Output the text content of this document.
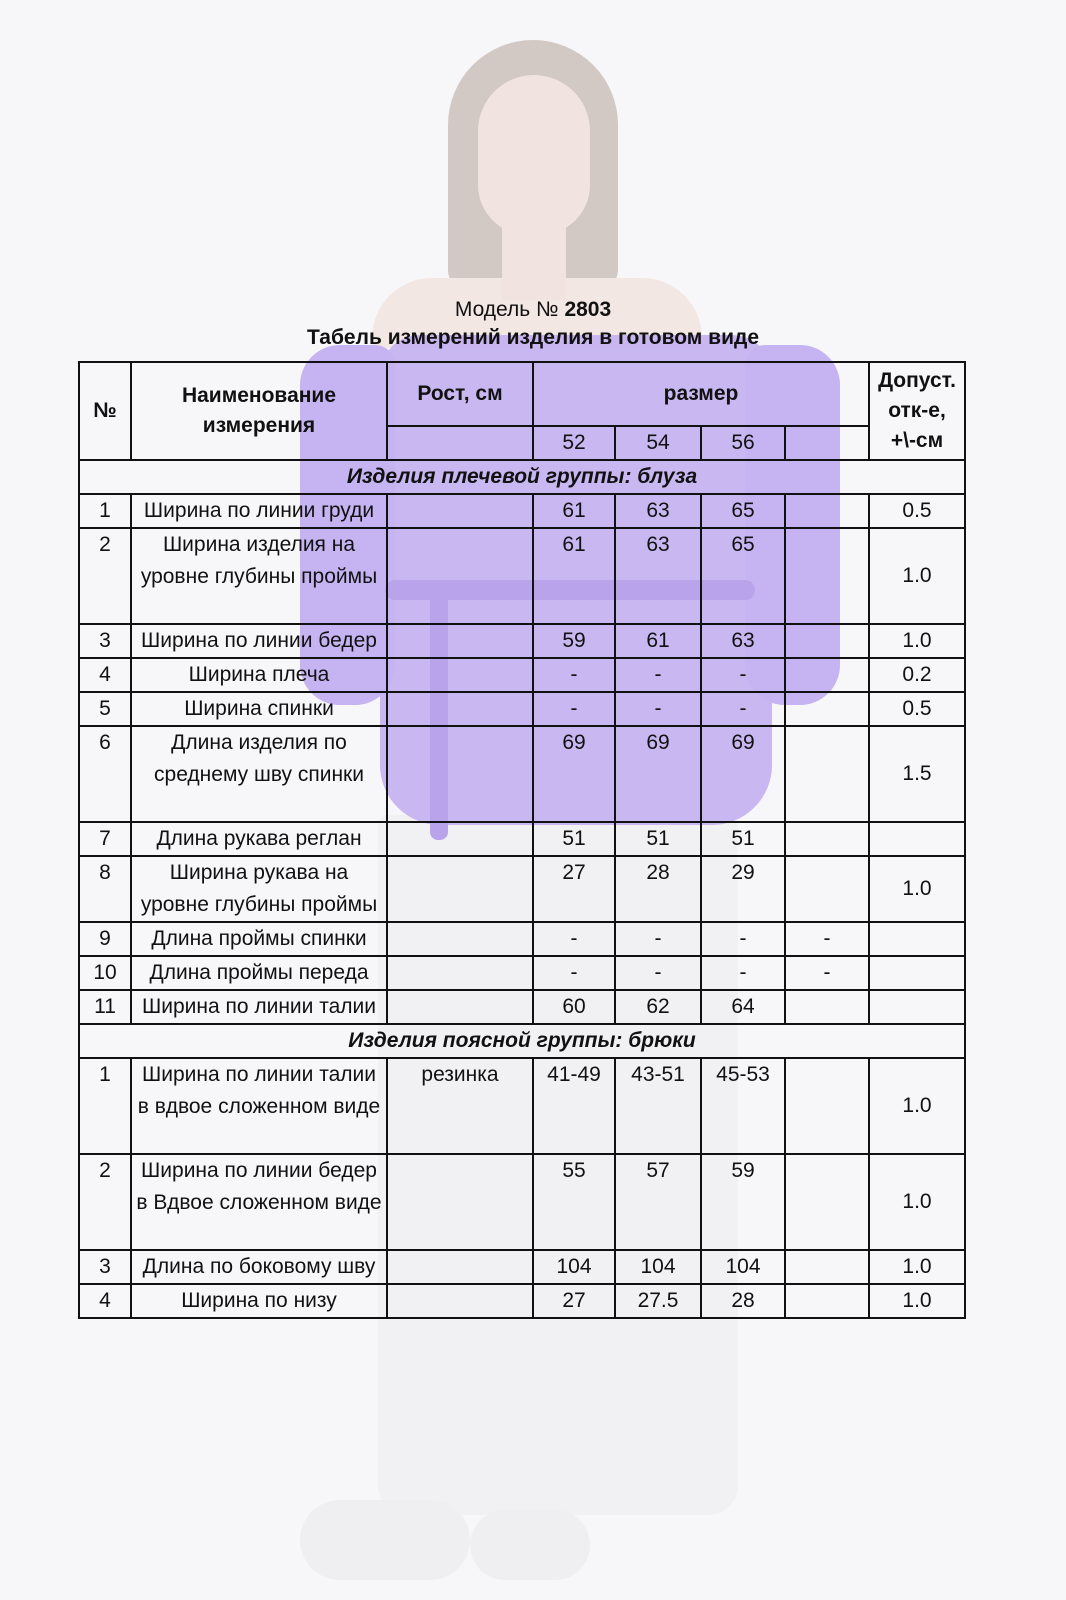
Модель № 2803
Табель измерений изделия в готовом виде
№	Наименование измерения	Рост, см	размер				Допуст. отк-е, +\-см
			52	54	56		
Изделия плечевой группы: блуза							
1	Ширина по линии груди		61	63	65		0.5
2	Ширина изделия на уровне глубины проймы		61	63	65		1.0
3	Ширина по линии бедер		59	61	63		1.0
4	Ширина плеча		-	-	-		0.2
5	Ширина спинки		-	-	-		0.5
6	Длина изделия по среднему шву спинки		69	69	69		1.5
7	Длина рукава реглан		51	51	51		
8	Ширина рукава на уровне глубины проймы		27	28	29		1.0
9	Длина проймы спинки		-	-	-	-	
10	Длина проймы переда		-	-	-	-	
11	Ширина по линии талии		60	62	64		
Изделия поясной группы: брюки							
1	Ширина по линии талии в вдвое сложенном виде	резинка	41-49	43-51	45-53		1.0
2	Ширина по линии бедер в Вдвое сложенном виде		55	57	59		1.0
3	Длина по боковому шву		104	104	104		1.0
4	Ширина по низу		27	27.5	28		1.0
